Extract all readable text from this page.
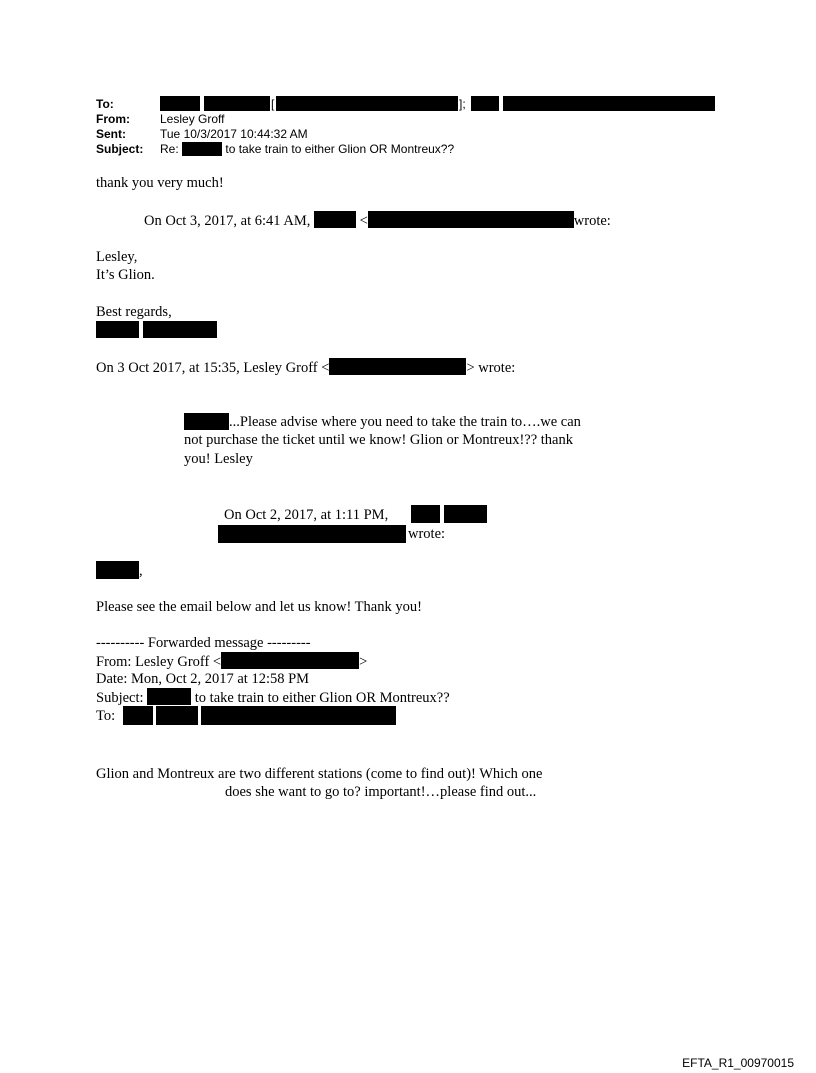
To:	[	];
From:	Lesley Groff
Sent:	Tue 10/3/2017 10:44:32 AM
Subject: Re:	to take train to either Glion OR Montreux??
thank you very much!
On Oct 3, 2017, at 6:41 AM,	<	wrote:
Lesley,
It’s Glion.
Best regards,
On 3 Oct 2017, at 15:35, Lesley Groff <	> wrote:
...Please advise where you need to take the train to….we can
not purchase the ticket until we know! Glion or Montreux!?? thank
you! Lesley
On Oct 2, 2017, at 1:11 PM,
wrote:
,
Please see the email below and let us know! Thank you!
---------- Forwarded message ---------
From: Lesley Groff <	>
Date: Mon, Oct 2, 2017 at 12:58 PM
Subject:	to take train to either Glion OR Montreux??
To:
Glion and Montreux are two different stations (come to find out)! Which one
does she want to go to? important!…please find out...
EFTA_R1_00970015
